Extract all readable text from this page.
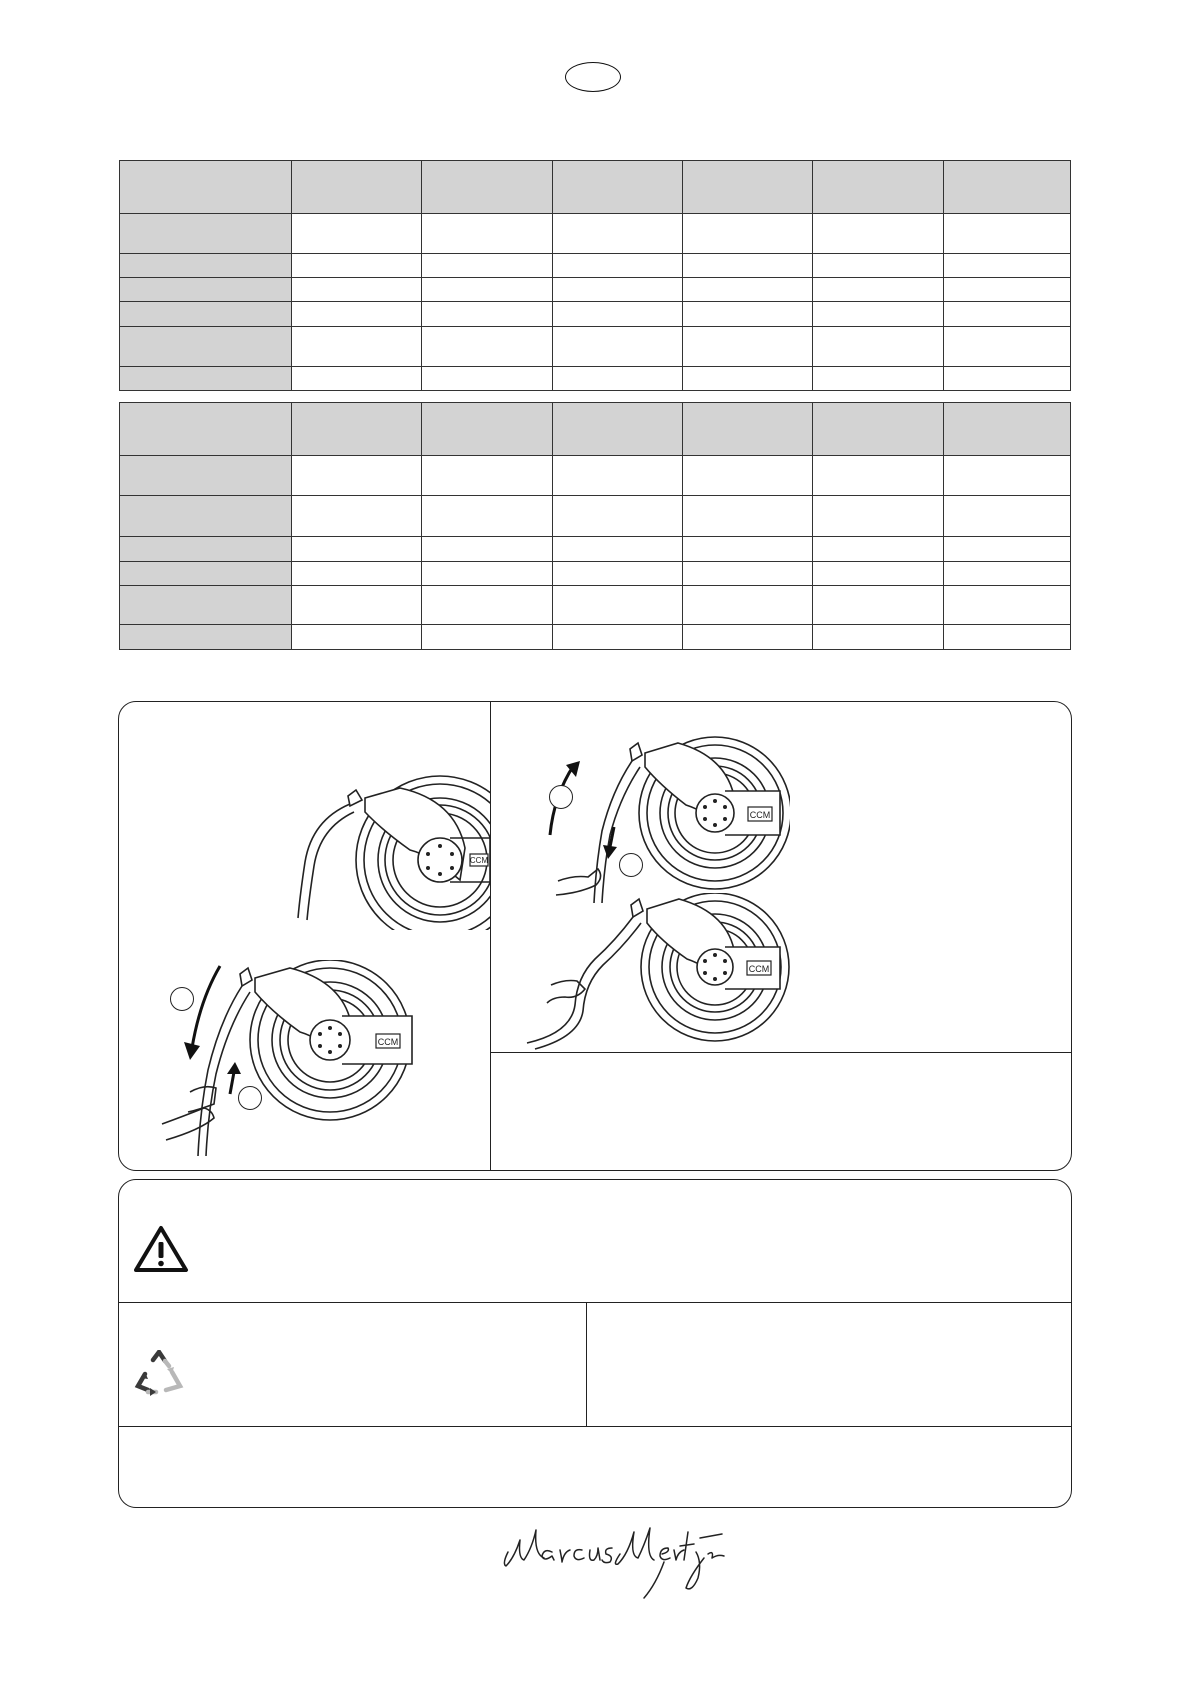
CCM
CCM
CCM
CCM
